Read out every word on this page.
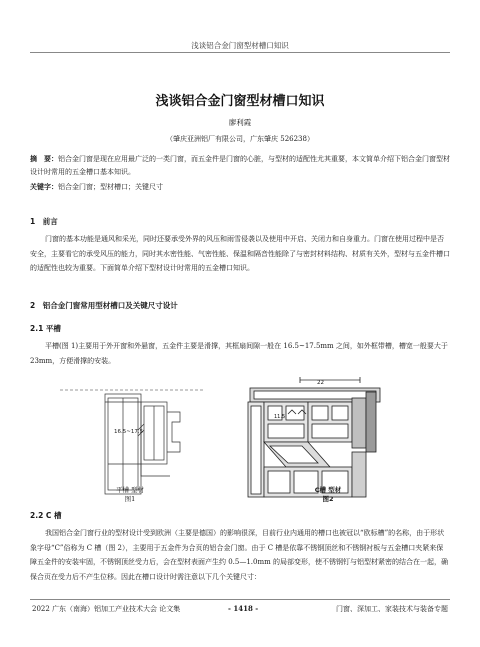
浅谈铝合金门窗型材槽口知识
浅谈铝合金门窗型材槽口知识
廖利霞
（肇庆亚洲铝厂有限公司，广东肇庆 526238）
摘　要：铝合金门窗是现在应用最广泛的一类门窗，而五金件是门窗的心脏，与型材的适配性尤其重要，本文简单介绍下铝合金门窗型材设计时常用的五金槽口基本知识。
关键字：铝合金门窗；型材槽口；关键尺寸
1　前言
门窗的基本功能是通风和采光，同时还要承受外界的风压和雨雪侵袭以及使用中开启、关闭力和自身重力。门窗在使用过程中是否安全，主要看它的承受风压的能力，同时其水密性能、气密性能、保温和隔音性能除了与密封材料结构、材质有关外，型材与五金件槽口的适配性也较为重要。下面简单介绍下型材设计时常用的五金槽口知识。
2　铝合金门窗常用型材槽口及关键尺寸设计
2.1 平槽
平槽(图 1)主要用于外开窗和外悬窗，五金件主要是滑撑，其框扇间隙一般在 16.5~17.5mm 之间，如外框带槽，槽宽一般要大于 23mm，方便滑撑的安装。
16.5~17.5
22
11.5
平槽 型材
图1
C槽 型材
图2
2.2 C 槽
我国铝合金门窗行业的型材设计受到欧洲（主要是德国）的影响很深，目前行业内通用的槽口也被冠以“欧标槽”的名称，由于形状象字母“C”俗称为 C 槽（图 2），主要用于五金件为合页的铝合金门窗。由于 C 槽是依靠不锈钢顶丝和不锈钢衬板与五金槽口夹紧来保障五金件的安装牢固，不锈钢顶丝受力后，会在型材表面产生约 0.5—1.0mm 的局部变形，使不锈钢钉与铝型材紧密的结合在一起，确保合页在受力后不产生位移。因此在槽口设计时需注意以下几个关键尺寸：
2022 广东（南海）铝加工产业技术大会 论文集	- 1418 -	门窗、深加工、家装技术与装备专题
